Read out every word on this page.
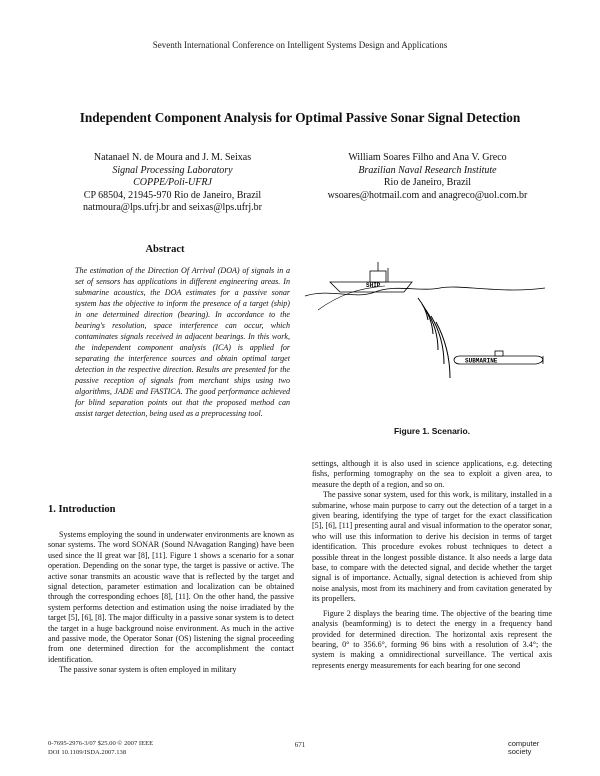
Seventh International Conference on Intelligent Systems Design and Applications
Independent Component Analysis for Optimal Passive Sonar Signal Detection
Natanael N. de Moura and J. M. Seixas
Signal Processing Laboratory
COPPE/Poli-UFRJ
CP 68504, 21945-970 Rio de Janeiro, Brazil
natmoura@lps.ufrj.br and seixas@lps.ufrj.br
William Soares Filho and Ana V. Greco
Brazilian Naval Research Institute
Rio de Janeiro, Brazil
wsoares@hotmail.com and anagreco@uol.com.br
Abstract
The estimation of the Direction Of Arrival (DOA) of signals in a set of sensors has applications in different engineering areas. In submarine acoustics, the DOA estimates for a passive sonar system has the objective to inform the presence of a target (ship) in one determined direction (bearing). In accordance to the bearing's resolution, space interference can occur, which contaminates signals received in adjacent bearings. In this work, the independent component analysis (ICA) is applied for separating the interference sources and obtain optimal target detection in the respective direction. Results are presented for the passive reception of signals from merchant ships using two algorithms, JADE and FASTICA. The good performance achieved for blind separation points out that the proposed method can assist target detection, being used as a preprocessing tool.
1. Introduction

Systems employing the sound in underwater environments are known as sonar systems. The word SONAR (Sound NAvagation Ranging) have been used since the II great war [8], [11]. Figure 1 shows a scenario for a sonar operation. Depending on the sonar type, the target is passive or active. The active sonar transmits an acoustic wave that is reflected by the target and signal detection, parameter estimation and localization can be obtained through the corresponding echoes [8], [11]. On the other hand, the passive system performs detection and estimation using the noise irradiated by the target [5], [6], [8]. The major difficulty in a passive sonar system is to detect the target in a huge background noise environment. As much in the active and passive mode, the Operator Sonar (OS) listening the signal proceeding from one determined direction for the accomplishment the contact identification.

The passive sonar system is often employed in military

SHIP
SUBMARINE
Figure 1. Scenario.

settings, although it is also used in science applications, e.g. detecting fishs, performing tomography on the sea to exploit a given area, to measure the depth of a region, and so on.

The passive sonar system, used for this work, is military, installed in a submarine, whose main purpose to carry out the detection of a target in a given bearing, identifying the type of target for the exact classification [5], [6], [11] presenting aural and visual information to the operator sonar, who will use this information to derive his decision in terms of target identification. This procedure evokes robust techniques to detect a possible threat in the longest possible distance. It also needs a large data base, to compare with the detected signal, and decide whether the target signal is of importance. Actually, signal detection is achieved from ship noise analysis, most from its machinery and from cavitation generated by its propellers.

Figure 2 displays the bearing time. The objective of the bearing time analysis (beamforming) is to detect the energy in a frequency band provided for determined direction. The horizontal axis represent the bearing, 0° to 356.6°, forming 96 bins with a resolution of 3.4°; the system is making a omnidirectional surveillance. The vertical axis represents energy measurements for each bearing for one second

0-7695-2976-3/07 $25.00 © 2007 IEEE
DOI 10.1109/ISDA.2007.138
671	computer
society
